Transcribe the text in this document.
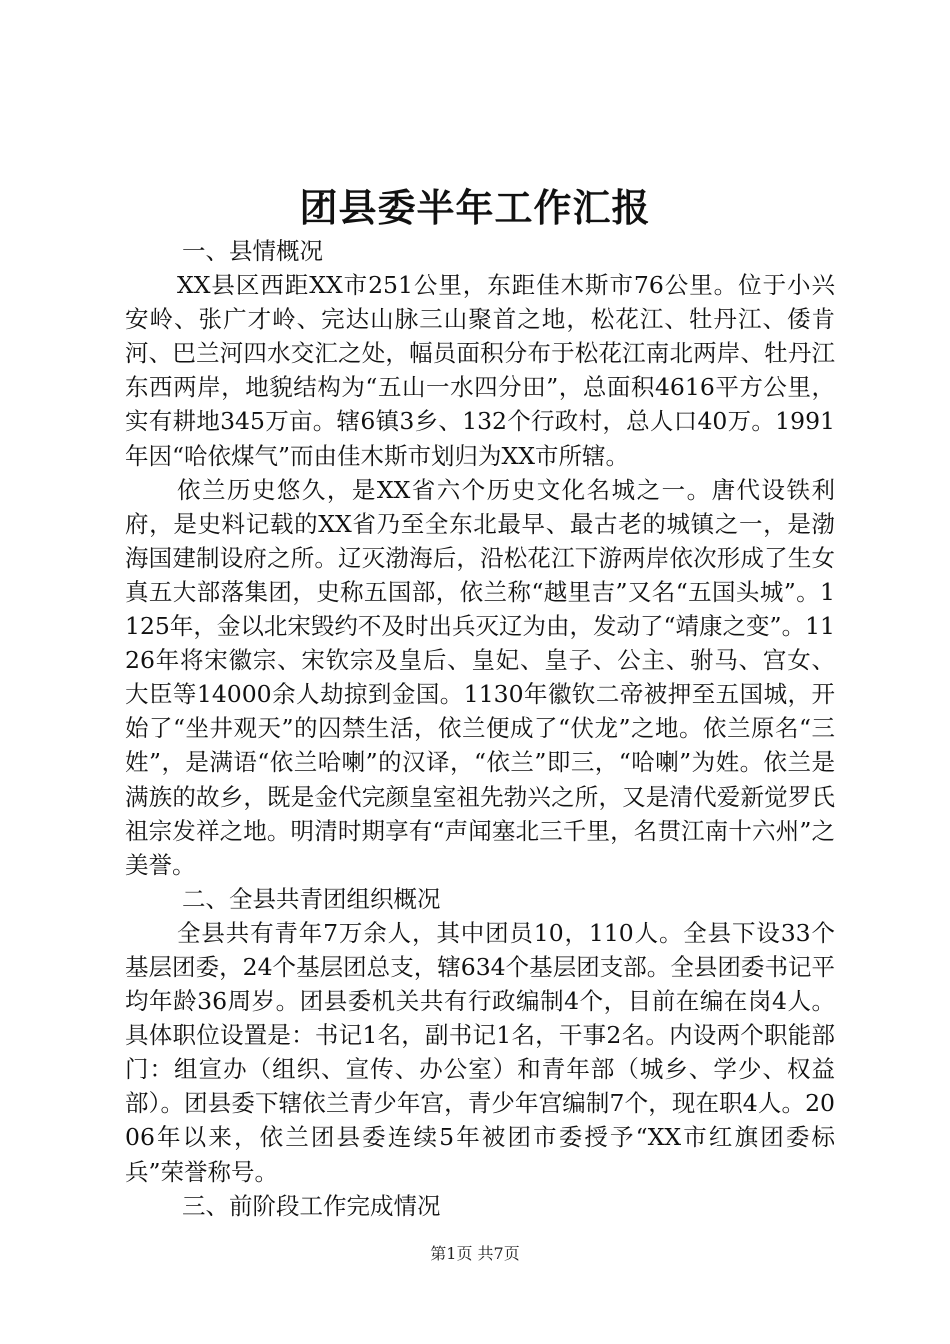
团县委半年工作汇报

一、县情概况

XX县区西距XX市251公里，东距佳木斯市76公里。位于小兴安岭、张广才岭、完达山脉三山聚首之地，松花江、牡丹江、倭肯河、巴兰河四水交汇之处，幅员面积分布于松花江南北两岸、牡丹江东西两岸，地貌结构为“五山一水四分田”，总面积4616平方公里，实有耕地345万亩。辖6镇3乡、132个行政村，总人口40万。1991年因“哈依煤气”而由佳木斯市划归为XX市所辖。

依兰历史悠久，是XX省六个历史文化名城之一。唐代设铁利府，是史料记载的XX省乃至全东北最早、最古老的城镇之一，是渤海国建制设府之所。辽灭渤海后，沿松花江下游两岸依次形成了生女真五大部落集团，史称五国部，依兰称“越里吉”又名“五国头城”。1125年，金以北宋毁约不及时出兵灭辽为由，发动了“靖康之变”。1126年将宋徽宗、宋钦宗及皇后、皇妃、皇子、公主、驸马、宫女、大臣等14000余人劫掠到金国。1130年徽钦二帝被押至五国城，开始了“坐井观天”的囚禁生活，依兰便成了“伏龙”之地。依兰原名“三姓”，是满语“依兰哈喇”的汉译，“依兰”即三，“哈喇”为姓。依兰是满族的故乡，既是金代完颜皇室祖先勃兴之所，又是清代爱新觉罗氏祖宗发祥之地。明清时期享有“声闻塞北三千里，名贯江南十六州”之美誉。

二、全县共青团组织概况

全县共有青年7万余人，其中团员10，110人。全县下设33个基层团委，24个基层团总支，辖634个基层团支部。全县团委书记平均年龄36周岁。团县委机关共有行政编制4个，目前在编在岗4人。具体职位设置是：书记1名，副书记1名，干事2名。内设两个职能部门：组宣办（组织、宣传、办公室）和青年部（城乡、学少、权益部）。团县委下辖依兰青少年宫，青少年宫编制7个，现在职4人。2006年以来，依兰团县委连续5年被团市委授予“XX市红旗团委标兵”荣誉称号。

三、前阶段工作完成情况

第1页 共7页
